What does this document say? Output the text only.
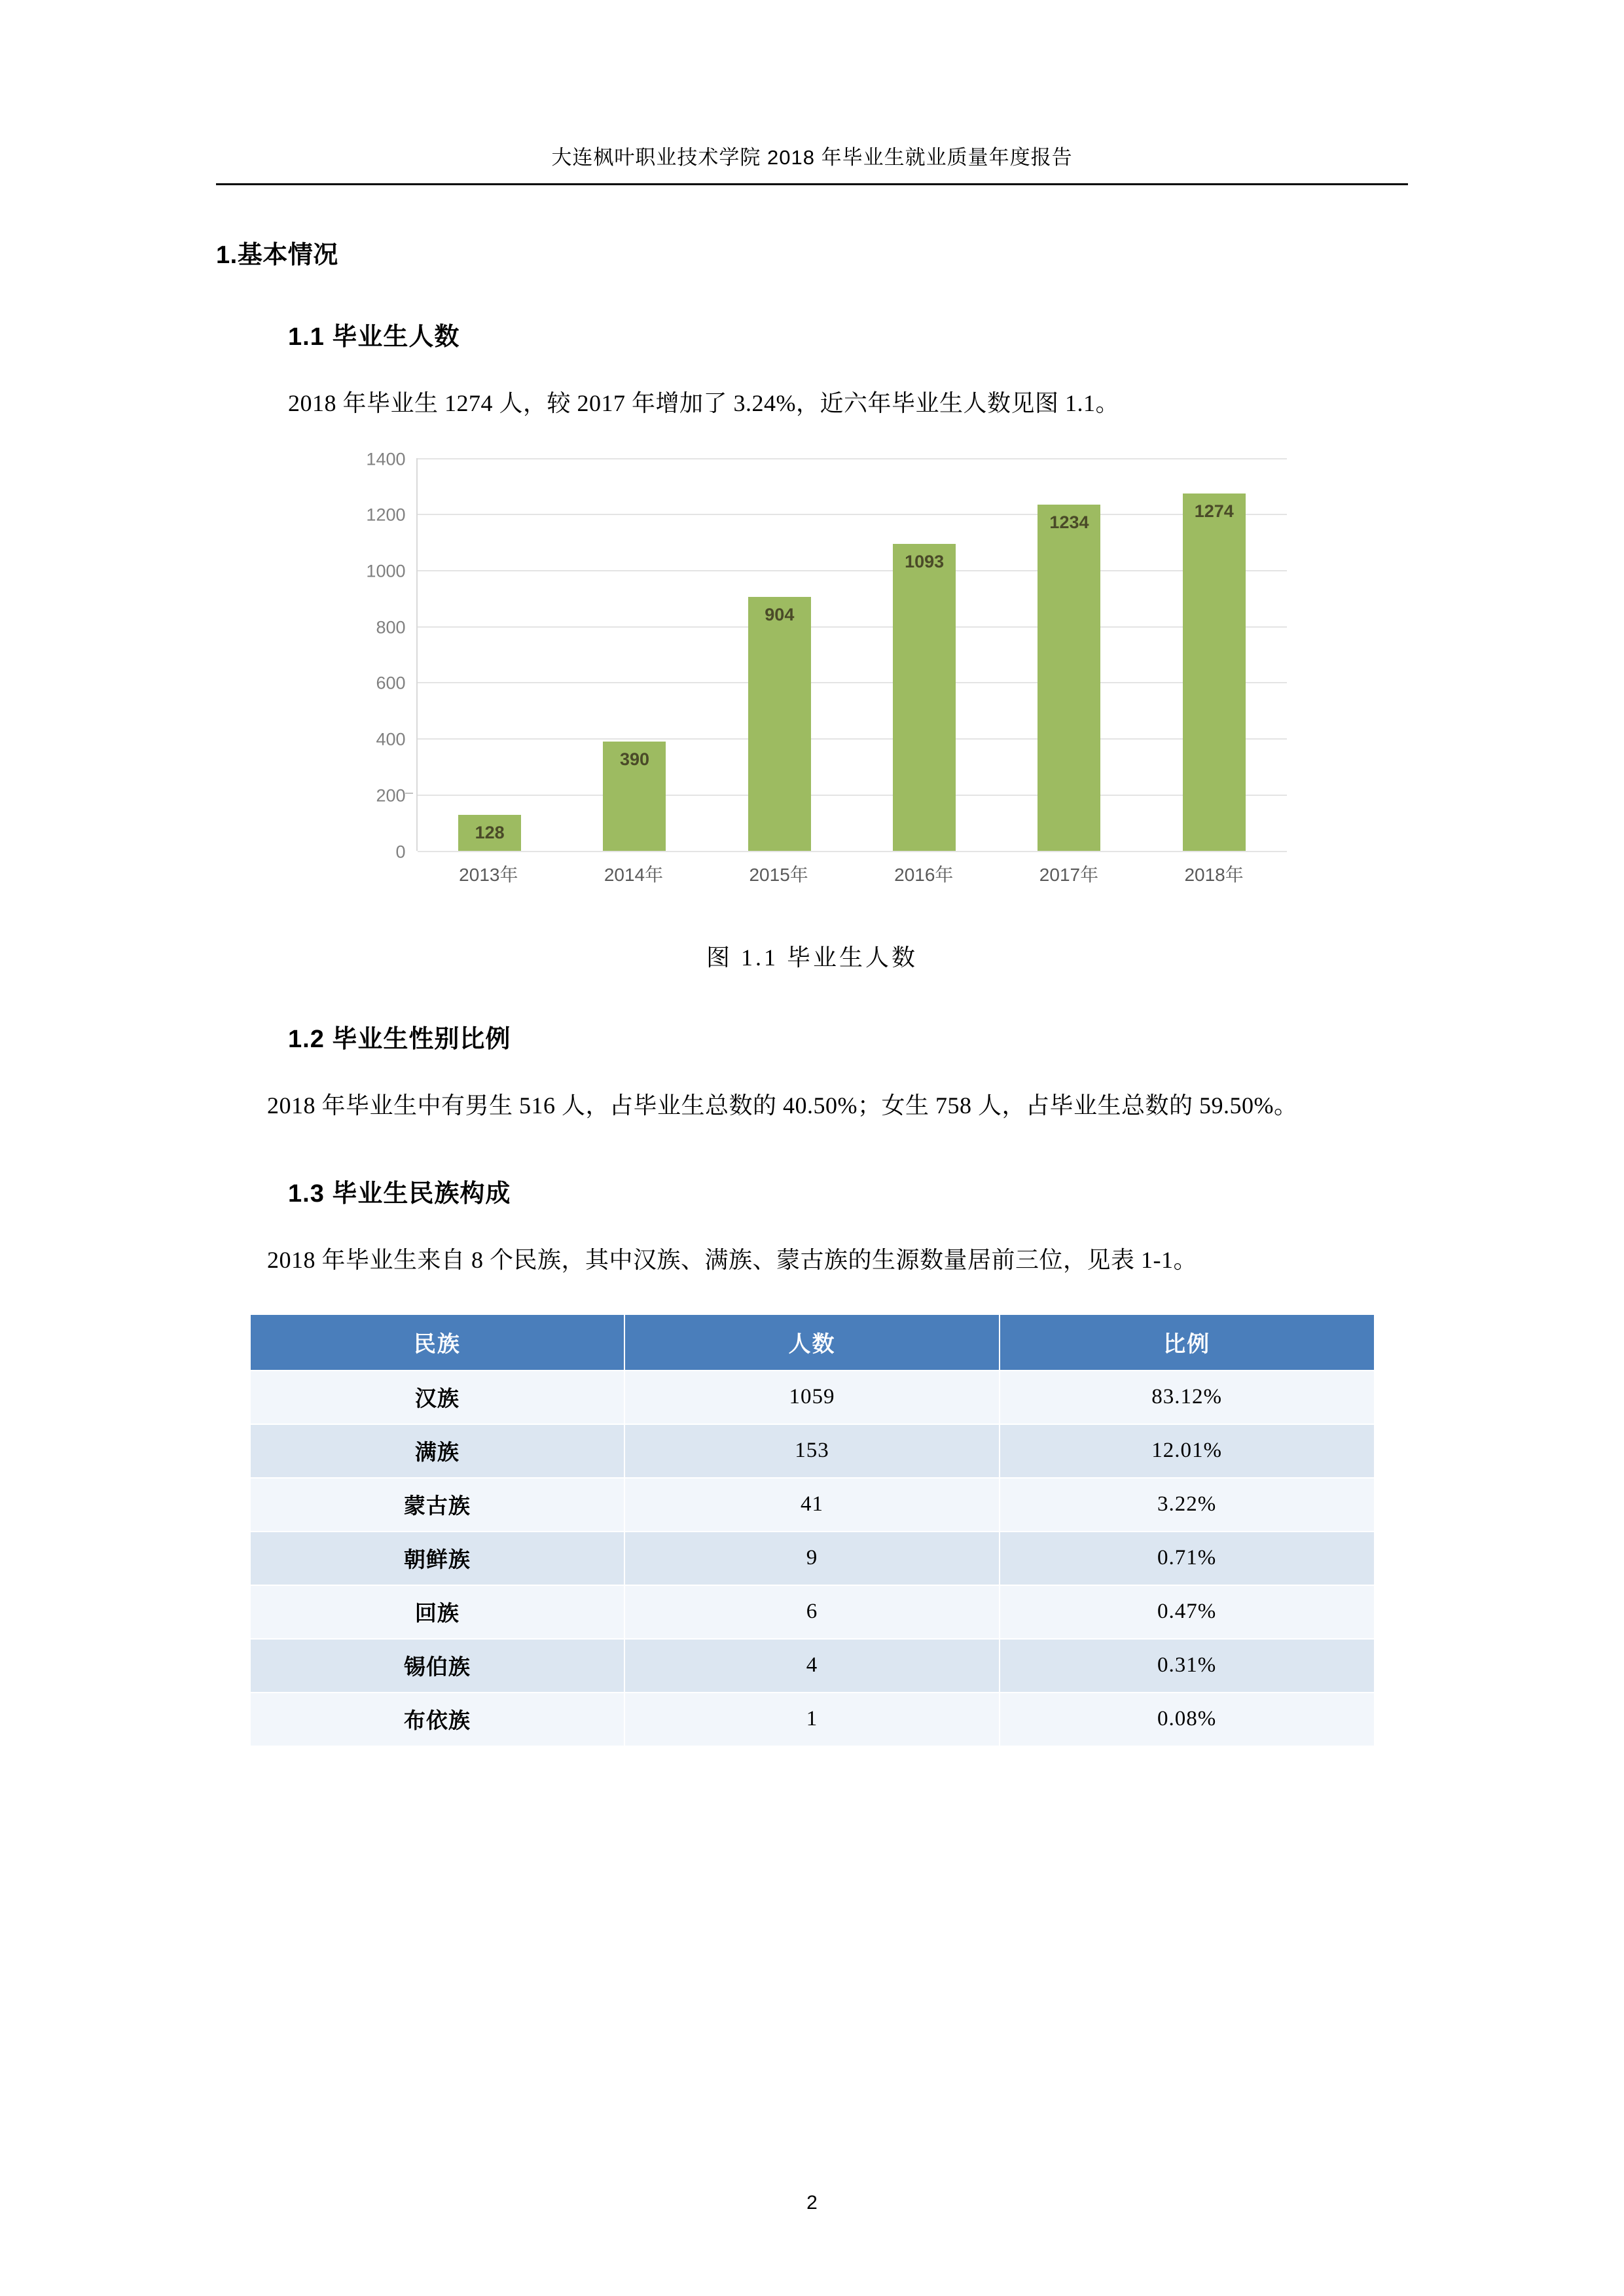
大连枫叶职业技术学院 2018 年毕业生就业质量年度报告
1.基本情况
1.1 毕业生人数

2018 年毕业生 1274 人，较 2017 年增加了 3.24%，近六年毕业生人数见图 1.1。

1400
1200
1000
800
600
400
200
0
128
390
904
1093
1234
1274
2013年	2014年	2015年	2016年	2017年	2018年
图 1.1 毕业生人数
1.2 毕业生性别比例

2018 年毕业生中有男生 516 人，占毕业生总数的 40.50%；女生 758 人，占毕业生总数的 59.50%。

1.3 毕业生民族构成

2018 年毕业生来自 8 个民族，其中汉族、满族、蒙古族的生源数量居前三位，见表 1-1。

民族	人数	比例
汉族	1059	83.12%
满族	153	12.01%
蒙古族	41	3.22%
朝鲜族	9	0.71%
回族	6	0.47%
锡伯族	4	0.31%
布依族	1	0.08%
2
